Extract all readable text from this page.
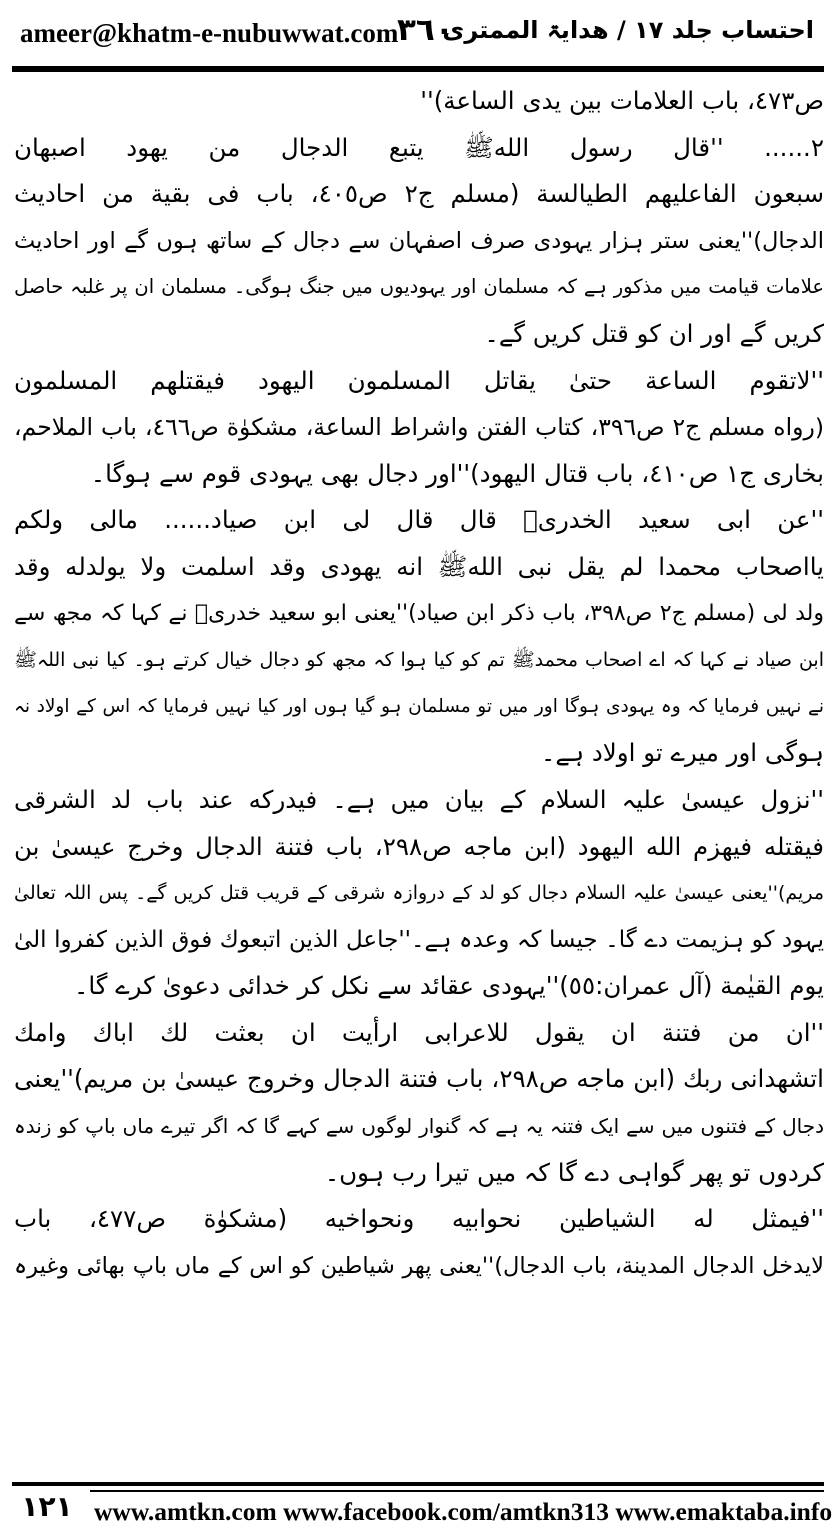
ameer@khatm-e-nubuwwat.com
٣٦٠
احتساب جلد ۱۷ / ھدایۃ الممتری
ص٤٧٣، باب العلامات بین یدی الساعة)''
٢...... ''قال رسول اللهﷺ یتبع الدجال من یهود اصبهان
سبعون الفاعلیهم الطیالسة (مسلم ج٢ ص٤٠٥، باب فی بقیة من احادیث
الدجال)''یعنی ستر ہزار یہودی صرف اصفہان سے دجال کے ساتھ ہوں گے اور احادیث
علامات قیامت میں مذکور ہے کہ مسلمان اور یہودیوں میں جنگ ہوگی۔ مسلمان ان پر غلبہ حاصل
کریں گے اور ان کو قتل کریں گے۔
''لاتقوم الساعة حتیٰ یقاتل المسلمون الیهود فیقتلهم المسلمون
(رواه مسلم ج٢ ص٣٩٦، کتاب الفتن واشراط الساعة، مشکوٰة ص٤٦٦، باب الملاحم،
بخاری ج١ ص٤١٠، باب قتال الیهود)''اور دجال بھی یہودی قوم سے ہوگا۔
''عن ابی سعید الخدریؓ قال قال لی ابن صیاد...... مالی ولكم
یااصحاب محمدا لم یقل نبی اللهﷺ انه یهودی وقد اسلمت ولا یولدله وقد
ولد لی (مسلم ج٢ ص٣٩٨، باب ذکر ابن صیاد)''یعنی ابو سعید خدریؓ نے کہا کہ مجھ سے
ابن صیاد نے کہا کہ اے اصحاب محمدﷺ تم کو کیا ہوا کہ مجھ کو دجال خیال کرتے ہو۔ کیا نبی اللہﷺ
نے نہیں فرمایا کہ وہ یہودی ہوگا اور میں تو مسلمان ہو گیا ہوں اور کیا نہیں فرمایا کہ اس کے اولاد نہ
ہوگی اور میرے تو اولاد ہے۔
''نزول عیسیٰ علیہ السلام کے بیان میں ہے۔ فیدرکه عند باب لد الشرقی
فیقتله فیهزم الله الیهود (ابن ماجه ص٢٩٨، باب فتنة الدجال وخرج عیسیٰ بن
مریم)''یعنی عیسیٰ علیہ السلام دجال کو لد کے دروازہ شرقی کے قریب قتل کریں گے۔ پس اللہ تعالیٰ
یہود کو ہزیمت دے گا۔ جیسا کہ وعدہ ہے۔''جاعل الذین اتبعوك فوق الذین کفروا الیٰ
یوم القیٰمة (آل عمران:٥٥)''یہودی عقائد سے نکل کر خدائی دعویٰ کرے گا۔
''ان من فتنة ان یقول للاعرابی ارأیت ان بعثت لك اباك وامك
اتشهدانی ربك (ابن ماجه ص٢٩٨، باب فتنة الدجال وخروج عیسیٰ بن مریم)''یعنی
دجال کے فتنوں میں سے ایک فتنہ یہ ہے کہ گنوار لوگوں سے کہے گا کہ اگر تیرے ماں باپ کو زندہ
کردوں تو پھر گواہی دے گا کہ میں تیرا رب ہوں۔
''فیمثل له الشیاطین نحوابیه ونحواخیه (مشکوٰة ص٤٧٧، باب
لایدخل الدجال المدینة، باب الدجال)''یعنی پھر شیاطین کو اس کے ماں باپ بھائی وغیرہ
١٢١ www.amtkn.com www.facebook.com/amtkn313 www.emaktaba.info
